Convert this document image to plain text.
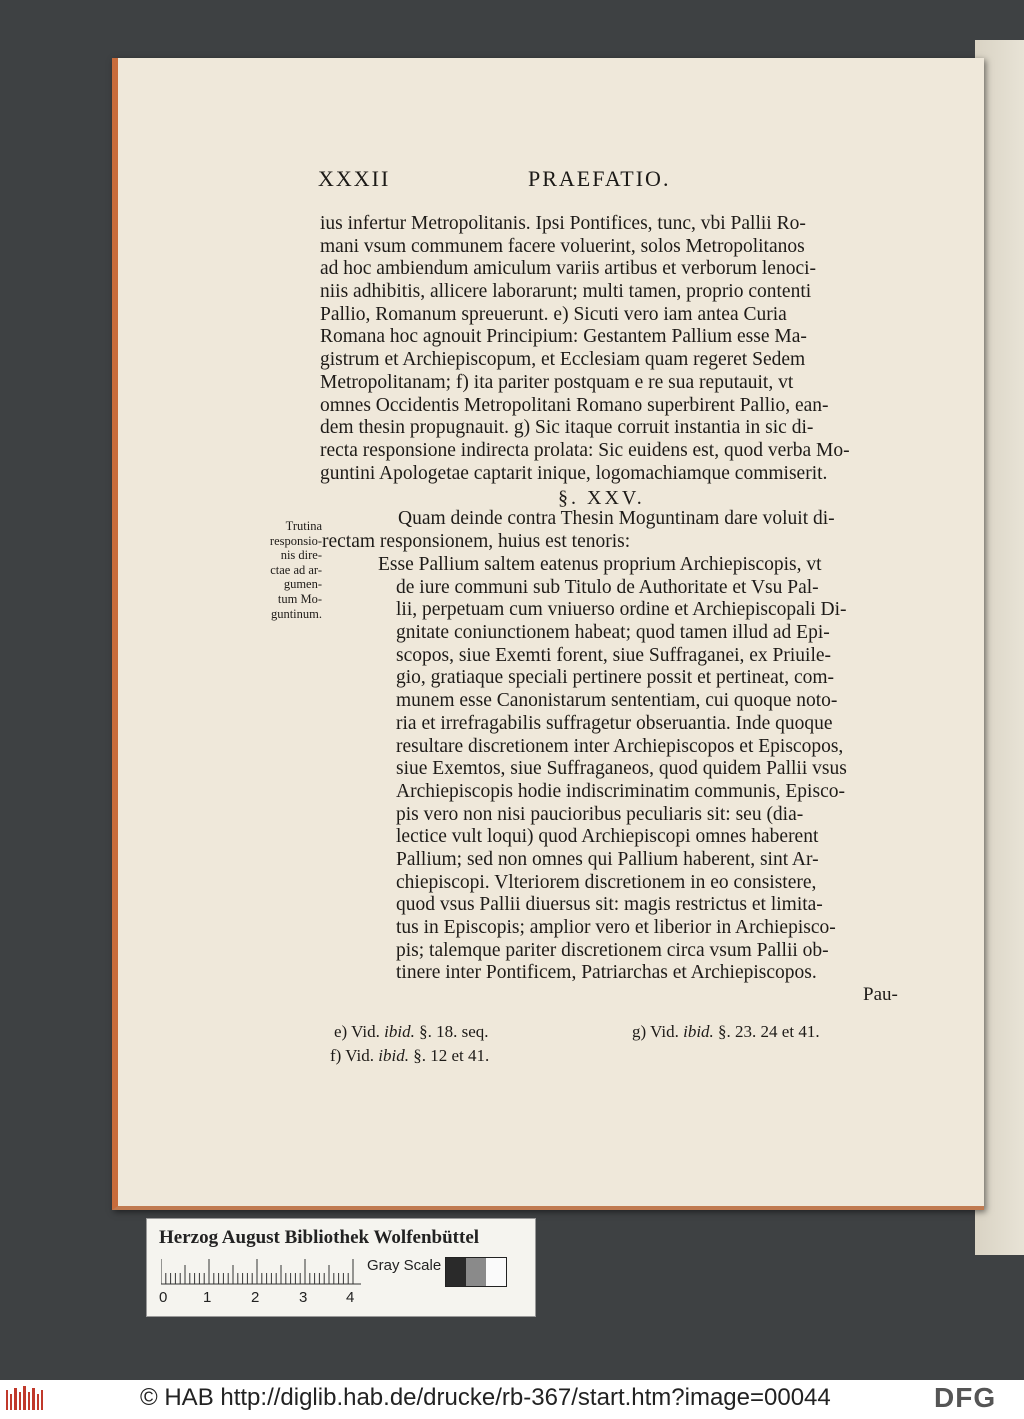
XXXII	PRAEFATIO.
ius infertur Metropolitanis. Ipsi Pontifices, tunc, vbi Pallii Ro-
mani vsum communem facere voluerint, solos Metropolitanos
ad hoc ambiendum amiculum variis artibus et verborum lenoci-
niis adhibitis, allicere laborarunt; multi tamen, proprio contenti
Pallio, Romanum spreuerunt. e) Sicuti vero iam antea Curia
Romana hoc agnouit Principium: Gestantem Pallium esse Ma-
gistrum et Archiepiscopum, et Ecclesiam quam regeret Sedem
Metropolitanam; f) ita pariter postquam e re sua reputauit, vt
omnes Occidentis Metropolitani Romano superbirent Pallio, ean-
dem thesin propugnauit. g) Sic itaque corruit instantia in sic di-
recta responsione indirecta prolata: Sic euidens est, quod verba Mo-
guntini Apologetae captarit inique, logomachiamque commiserit.
§. XXV.
Trutina
responsio-
nis dire-
ctae ad ar-
gumen-
tum Mo-
guntinum.
Quam deinde contra Thesin Moguntinam dare voluit di-
rectam responsionem, huius est tenoris:
Esse Pallium saltem eatenus proprium Archiepiscopis, vt
de iure communi sub Titulo de Authoritate et Vsu Pal-
lii, perpetuam cum vniuerso ordine et Archiepiscopali Di-
gnitate coniunctionem habeat; quod tamen illud ad Epi-
scopos, siue Exemti forent, siue Suffraganei, ex Priuile-
gio, gratiaque speciali pertinere possit et pertineat, com-
munem esse Canonistarum sententiam, cui quoque noto-
ria et irrefragabilis suffragetur obseruantia. Inde quoque
resultare discretionem inter Archiepiscopos et Episcopos,
siue Exemtos, siue Suffraganeos, quod quidem Pallii vsus
Archiepiscopis hodie indiscriminatim communis, Episco-
pis vero non nisi paucioribus peculiaris sit: seu (dia-
lectice vult loqui) quod Archiepiscopi omnes haberent
Pallium; sed non omnes qui Pallium haberent, sint Ar-
chiepiscopi. Vlteriorem discretionem in eo consistere,
quod vsus Pallii diuersus sit: magis restrictus et limita-
tus in Episcopis; amplior vero et liberior in Archiepisco-
pis; talemque pariter discretionem circa vsum Pallii ob-
tinere inter Pontificem, Patriarchas et Archiepiscopos.
Pau-
e) Vid. ibid. §. 18. seq.
f) Vid. ibid. §. 12 et 41.
g) Vid. ibid. §. 23. 24 et 41.
Herzog August Bibliothek Wolfenbüttel
0 1	2	3	4
Gray Scale
© HAB http://diglib.hab.de/drucke/rb-367/start.htm?image=00044	DFG
